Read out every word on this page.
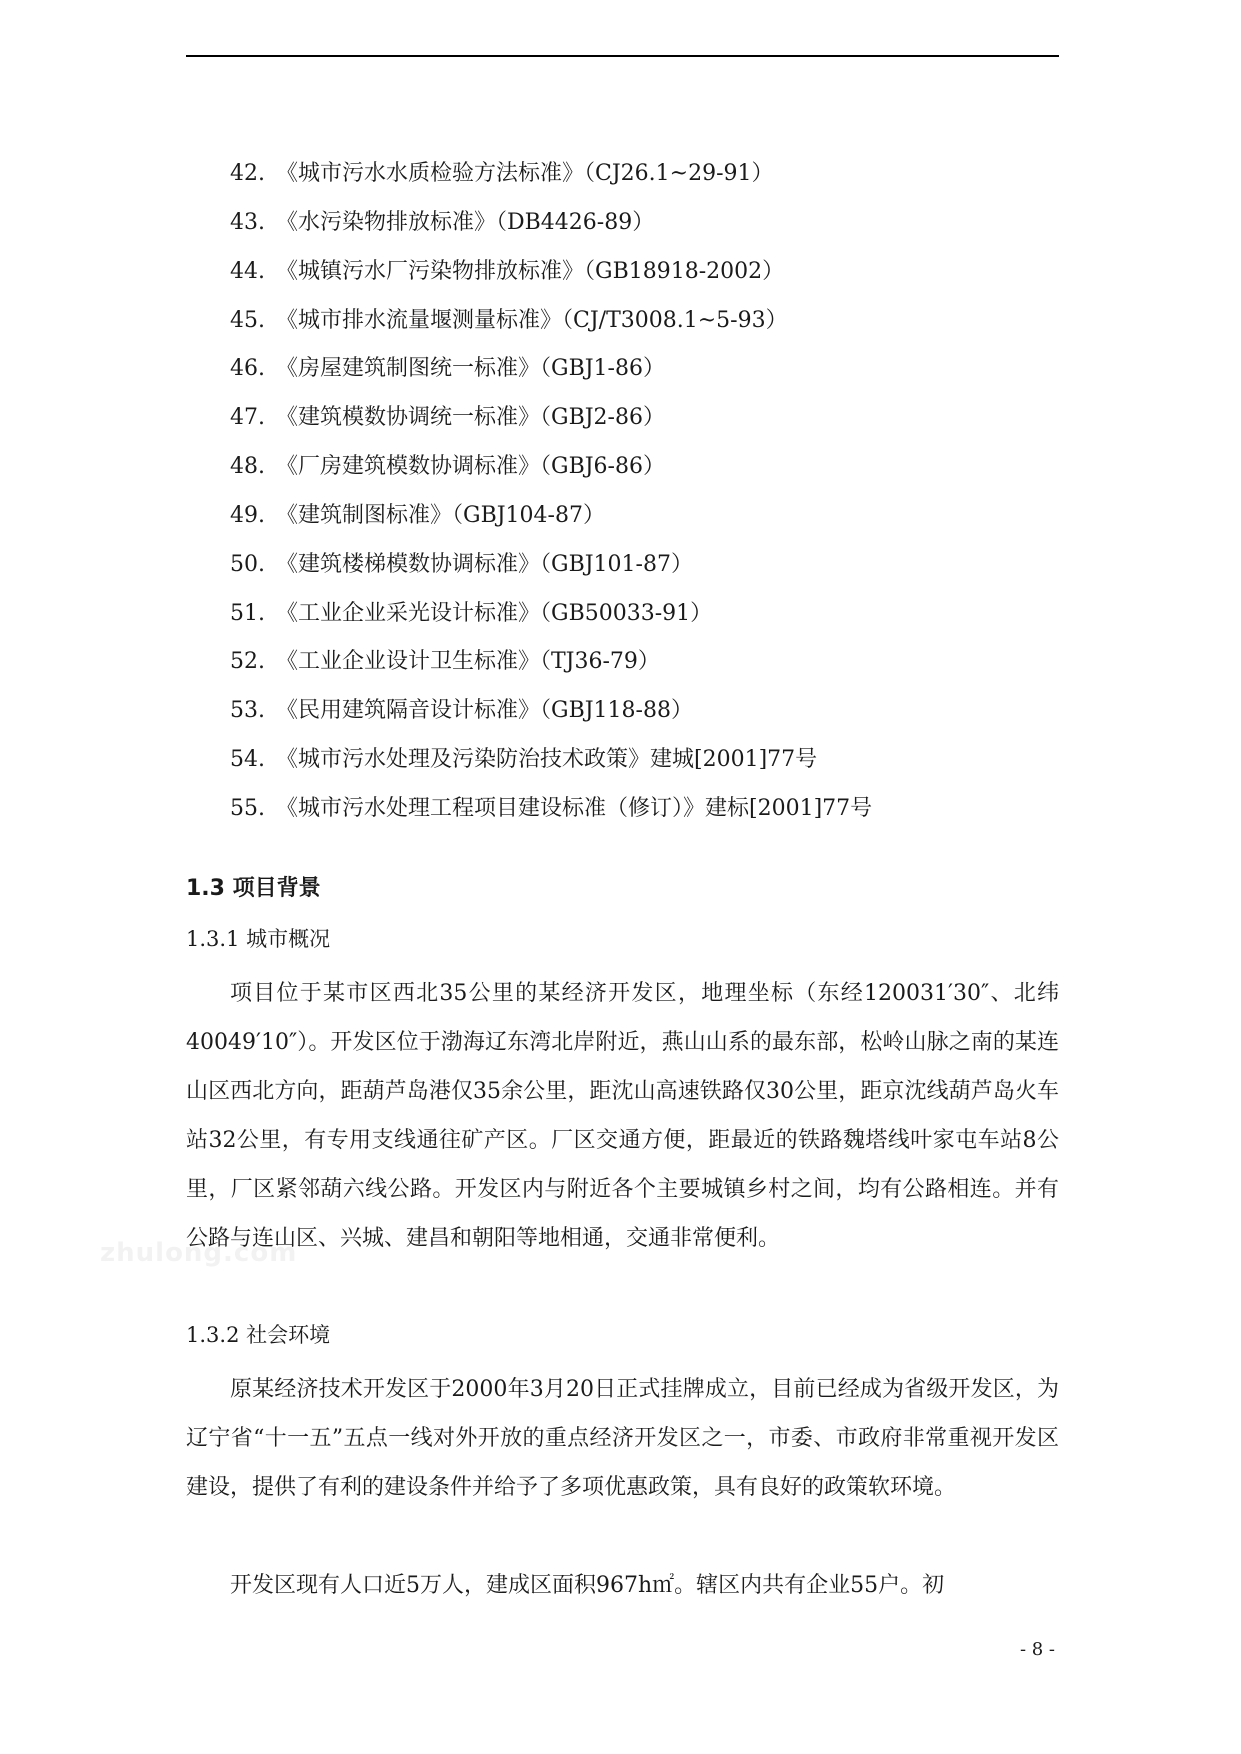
42. 《城市污水水质检验方法标准》（CJ26.1~29-91）
43. 《水污染物排放标准》（DB4426-89）
44. 《城镇污水厂污染物排放标准》（GB18918-2002）
45. 《城市排水流量堰测量标准》（CJ/T3008.1~5-93）
46. 《房屋建筑制图统一标准》（GBJ1-86）
47. 《建筑模数协调统一标准》（GBJ2-86）
48. 《厂房建筑模数协调标准》（GBJ6-86）
49. 《建筑制图标准》（GBJ104-87）
50. 《建筑楼梯模数协调标准》（GBJ101-87）
51. 《工业企业采光设计标准》（GB50033-91）
52. 《工业企业设计卫生标准》（TJ36-79）
53. 《民用建筑隔音设计标准》（GBJ118-88）
54. 《城市污水处理及污染防治技术政策》建城[2001]77号
55. 《城市污水处理工程项目建设标准（修订）》建标[2001]77号
1.3 项目背景
1.3.1 城市概况

项目位于某市区西北35公里的某经济开发区，地理坐标（东经120031′30″、北纬40049′10″）。开发区位于渤海辽东湾北岸附近，燕山山系的最东部，松岭山脉之南的某连山区西北方向，距葫芦岛港仅35余公里，距沈山高速铁路仅30公里，距京沈线葫芦岛火车站32公里，有专用支线通往矿产区。厂区交通方便，距最近的铁路魏塔线叶家屯车站8公里，厂区紧邻葫六线公路。开发区内与附近各个主要城镇乡村之间，均有公路相连。并有公路与连山区、兴城、建昌和朝阳等地相通，交通非常便利。

zhulong.com
1.3.2 社会环境

原某经济技术开发区于2000年3月20日正式挂牌成立，目前已经成为省级开发区，为辽宁省“十一五”五点一线对外开放的重点经济开发区之一，市委、市政府非常重视开发区建设，提供了有利的建设条件并给予了多项优惠政策，具有良好的政策软环境。

开发区现有人口近5万人，建成区面积967h㎡。辖区内共有企业55户。初

- 8 -
